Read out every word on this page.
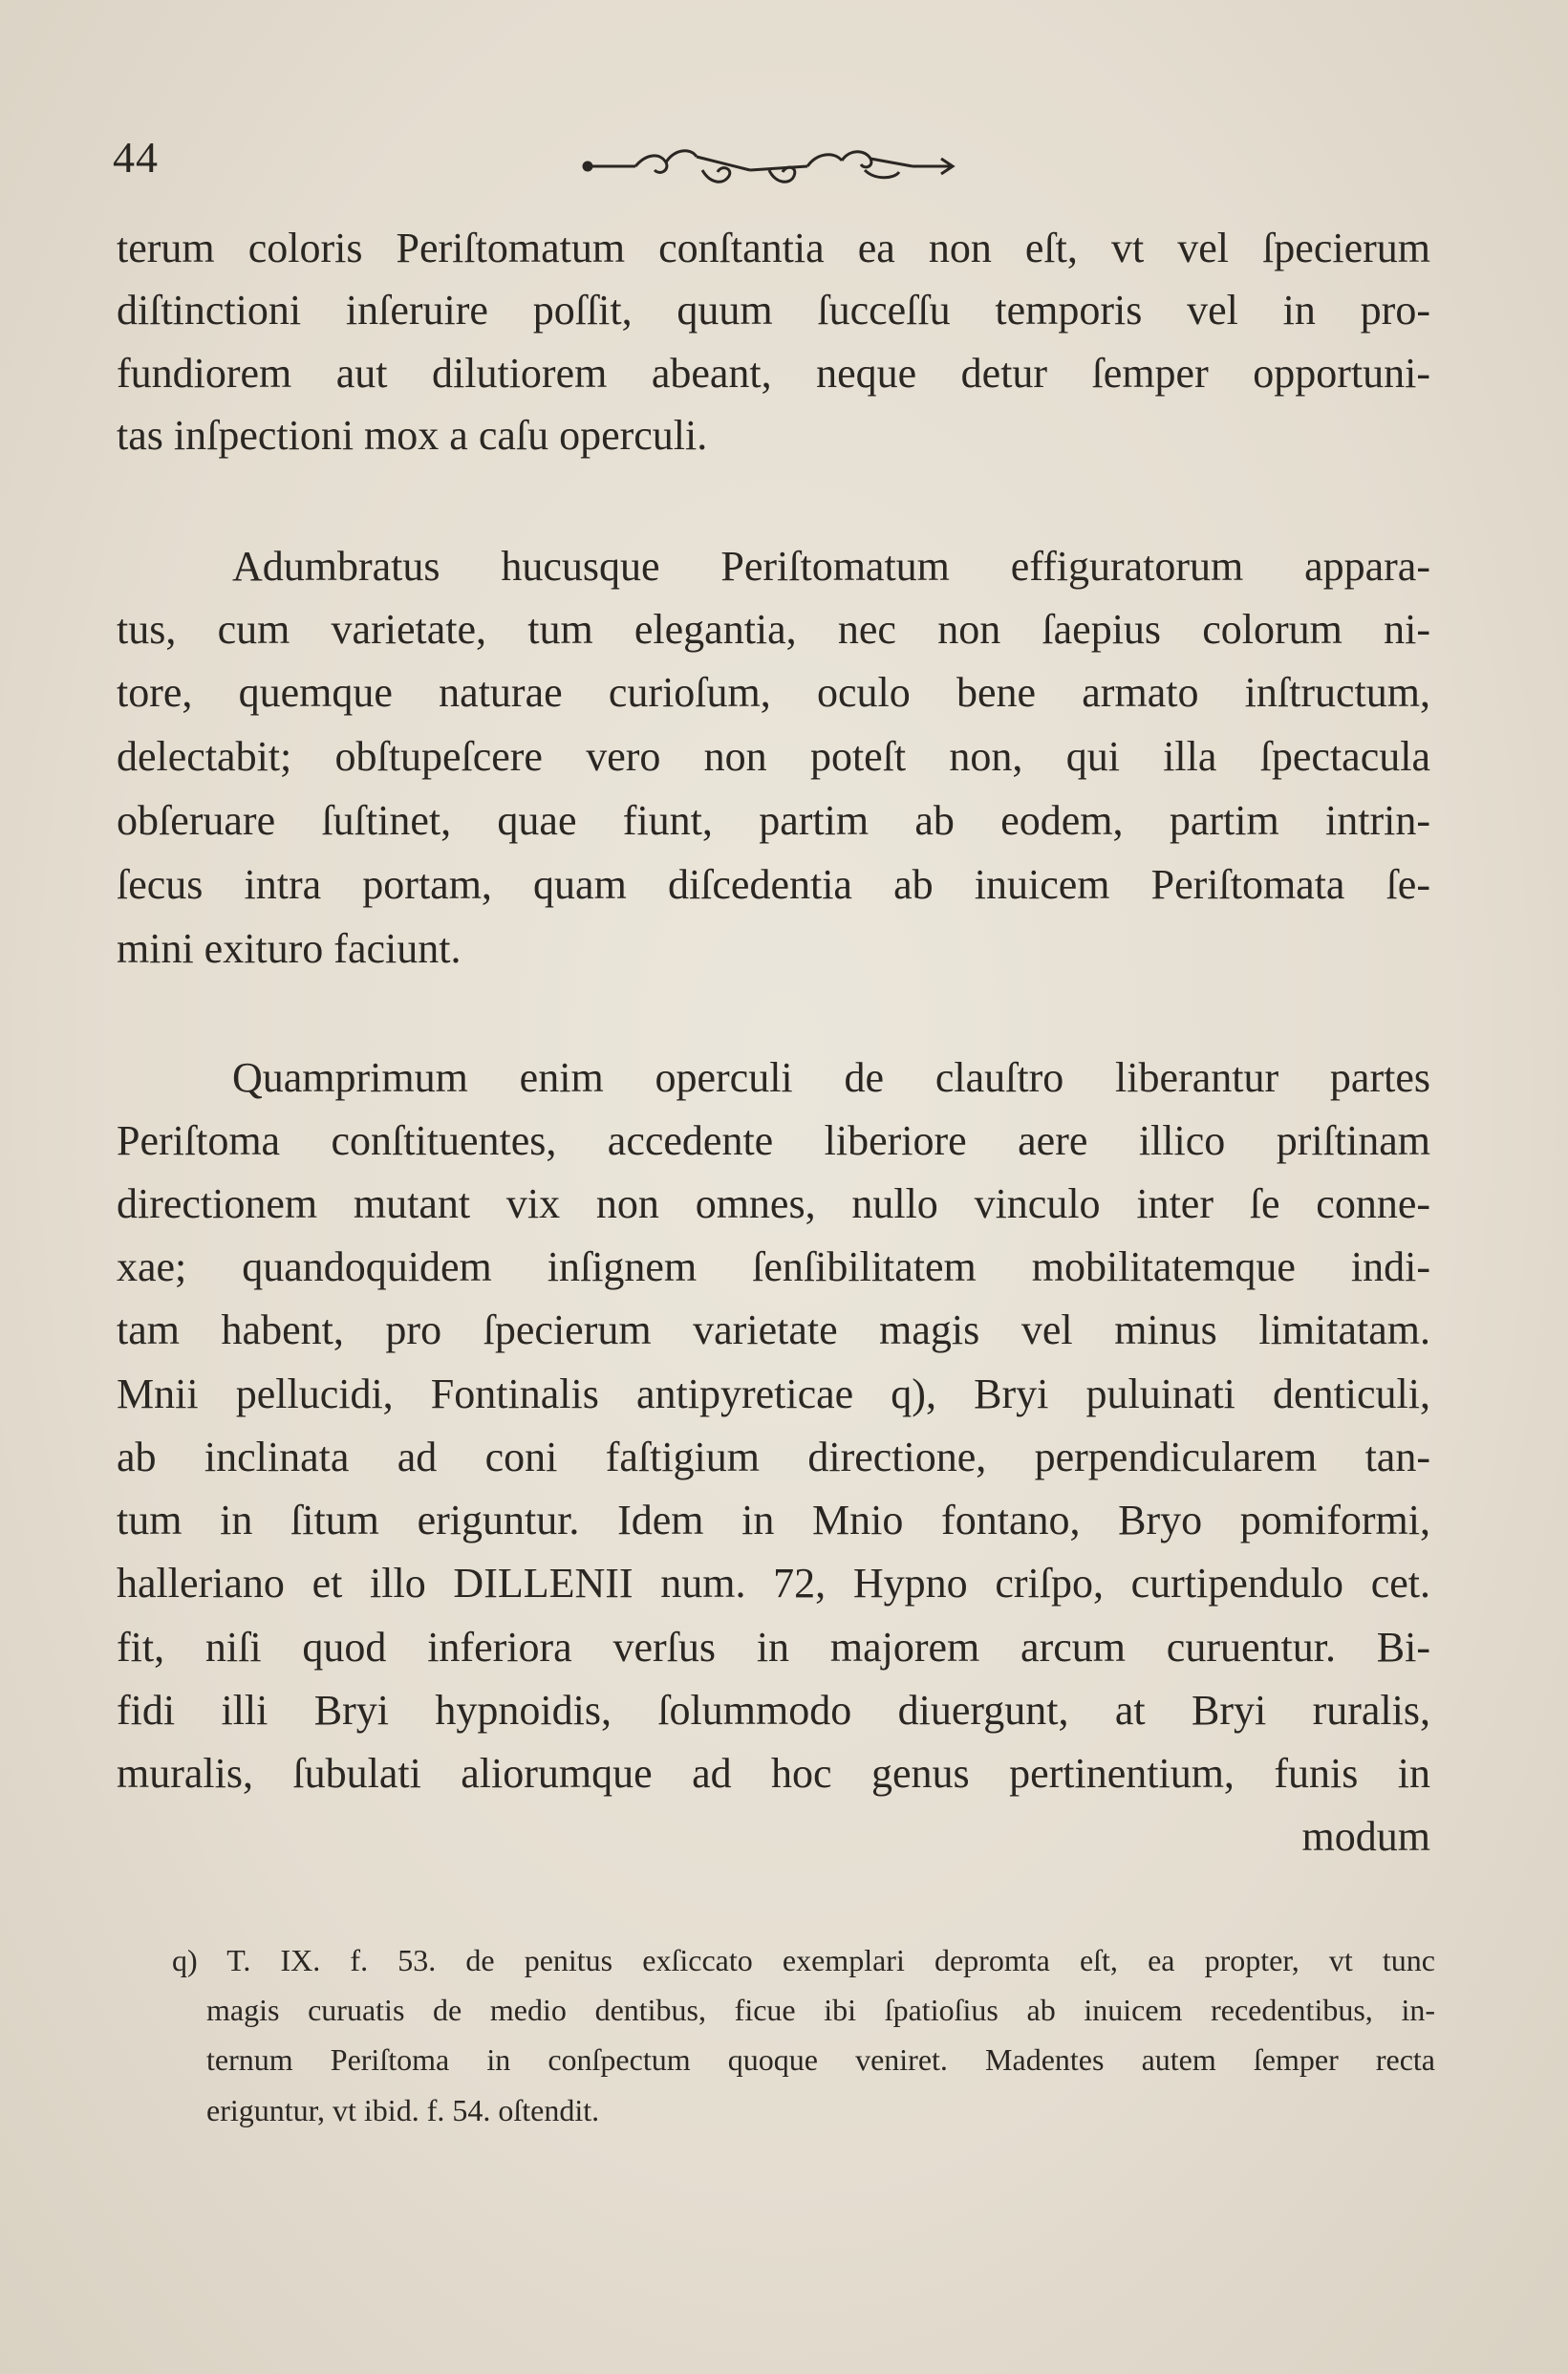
44
terum coloris Periſtomatum conſtantia ea non eſt, vt vel ſpecierum
diſtinctioni inſeruire poſſit, quum ſucceſſu temporis vel in pro-
fundiorem aut dilutiorem abeant, neque detur ſemper opportuni-
tas inſpectioni mox a caſu operculi.
Adumbratus hucusque Periſtomatum effiguratorum appara-
tus, cum varietate, tum elegantia, nec non ſaepius colorum ni-
tore, quemque naturae curioſum, oculo bene armato inſtructum,
delectabit; obſtupeſcere vero non poteſt non, qui illa ſpectacula
obſeruare ſuſtinet, quae fiunt, partim ab eodem, partim intrin-
ſecus intra portam, quam diſcedentia ab inuicem Periſtomata ſe-
mini exituro faciunt.
Quamprimum enim operculi de clauſtro liberantur partes
Periſtoma conſtituentes, accedente liberiore aere illico priſtinam
directionem mutant vix non omnes, nullo vinculo inter ſe conne-
xae; quandoquidem inſignem ſenſibilitatem mobilitatemque indi-
tam habent, pro ſpecierum varietate magis vel minus limitatam.
Mnii pellucidi, Fontinalis antipyreticae q), Bryi puluinati denticuli,
ab inclinata ad coni faſtigium directione, perpendicularem tan-
tum in ſitum eriguntur. Idem in Mnio fontano, Bryo pomiformi,
halleriano et illo DILLENII num. 72, Hypno criſpo, curtipendulo cet.
fit, niſi quod inferiora verſus in majorem arcum curuentur. Bi-
fidi illi Bryi hypnoidis, ſolummodo diuergunt, at Bryi ruralis,
muralis, ſubulati aliorumque ad hoc genus pertinentium, funis in
modum
q) T. IX. f. 53. de penitus exſiccato exemplari depromta eſt, ea propter, vt tunc
magis curuatis de medio dentibus, ficue ibi ſpatioſius ab inuicem recedentibus, in-
ternum Periſtoma in conſpectum quoque veniret. Madentes autem ſemper recta
eriguntur, vt ibid. f. 54. oſtendit.
